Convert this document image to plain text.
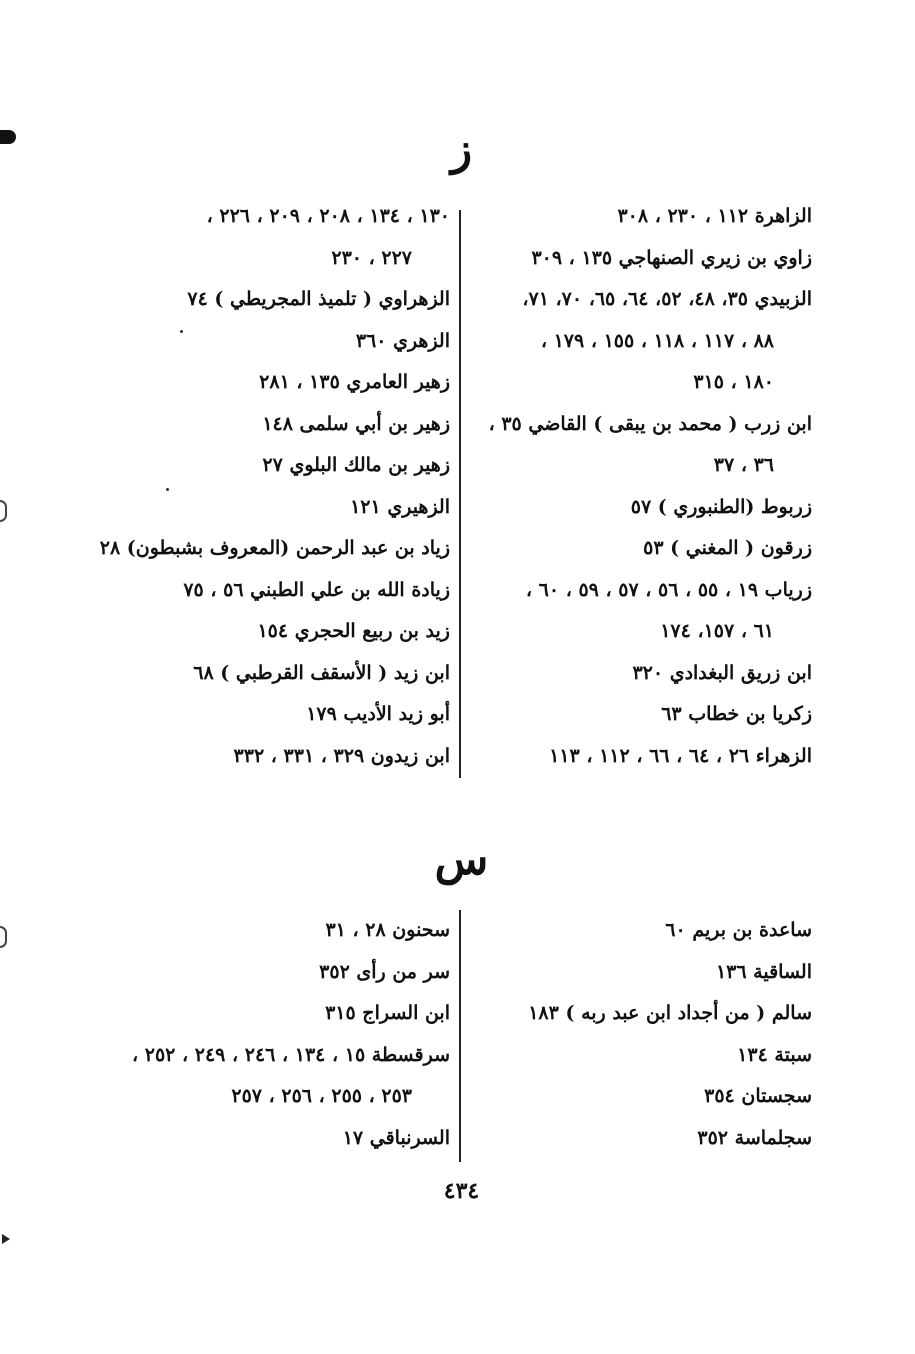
ز
الزاهرة ١١٢ ، ٢٣٠ ، ٣٠٨
زاوي بن زيري الصنهاجي ١٣٥ ، ٣٠٩
الزبيدي ٣٥، ٤٨، ٥٢، ٦٤، ٦٥، ٧٠، ٧١،
٨٨ ، ١١٧ ، ١١٨ ، ١٥٥ ، ١٧٩ ،
١٨٠ ، ٣١٥
ابن زرب ( محمد بن يبقى ) القاضي ٣٥ ،
٣٦ ، ٣٧
زربوط (الطنبوري ) ٥٧
زرقون ( المغني ) ٥٣
زرياب ١٩ ، ٥٥ ، ٥٦ ، ٥٧ ، ٥٩ ، ٦٠ ،
٦١ ، ١٥٧، ١٧٤
ابن زريق البغدادي ٣٢٠
زكريا بن خطاب ٦٣
الزهراء ٢٦ ، ٦٤ ، ٦٦ ، ١١٢ ، ١١٣
١٣٠ ، ١٣٤ ، ٢٠٨ ، ٢٠٩ ، ٢٢٦ ،
٢٢٧ ، ٢٣٠
الزهراوي ( تلميذ المجريطي ) ٧٤
الزهري ٣٦٠
زهير العامري ١٣٥ ، ٢٨١
زهير بن أبي سلمى ١٤٨
زهير بن مالك البلوي ٢٧
الزهيري ١٢١
زياد بن عبد الرحمن (المعروف بشبطون) ٢٨
زيادة الله بن علي الطبني ٥٦ ، ٧٥
زيد بن ربيع الحجري ١٥٤
ابن زيد ( الأسقف القرطبي ) ٦٨
أبو زيد الأديب ١٧٩
ابن زيدون ٣٢٩ ، ٣٣١ ، ٣٣٢
س
ساعدة بن بريم ٦٠
الساقية ١٣٦
سالم ( من أجداد ابن عبد ربه ) ١٨٣
سبتة ١٣٤
سجستان ٣٥٤
سجلماسة ٣٥٢
سحنون ٢٨ ، ٣١
سر من رأى ٣٥٢
ابن السراج ٣١٥
سرقسطة ١٥ ، ١٣٤ ، ٢٤٦ ، ٢٤٩ ، ٢٥٢ ،
٢٥٣ ، ٢٥٥ ، ٢٥٦ ، ٢٥٧
السرنباقي ١٧
٤٣٤
